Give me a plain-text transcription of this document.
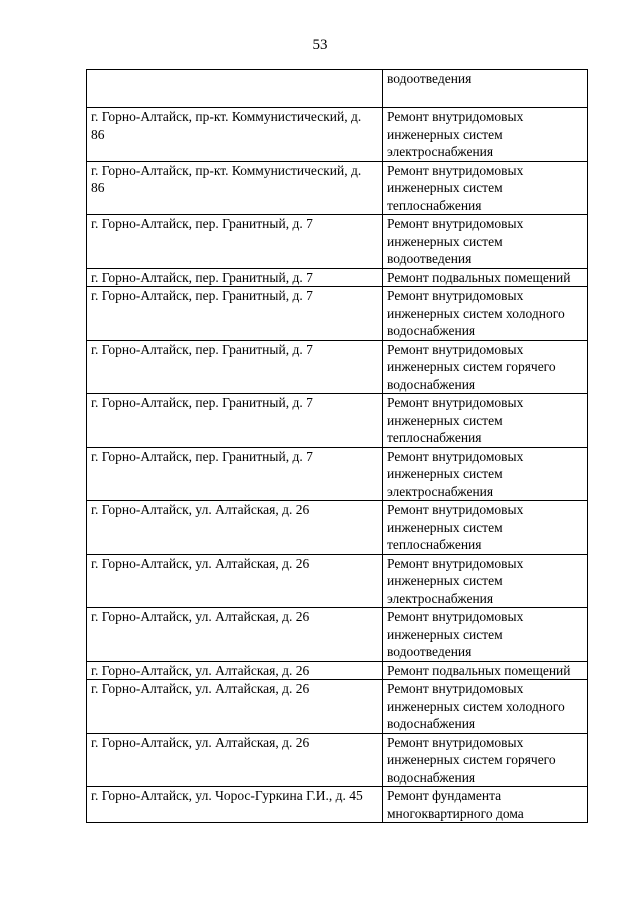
53
	водоотведения
г. Горно-Алтайск, пр-кт. Коммунистический, д. 86	Ремонт внутридомовых инженерных систем электроснабжения
г. Горно-Алтайск, пр-кт. Коммунистический, д. 86	Ремонт внутридомовых инженерных систем теплоснабжения
г. Горно-Алтайск, пер. Гранитный, д. 7	Ремонт внутридомовых инженерных систем водоотведения
г. Горно-Алтайск, пер. Гранитный, д. 7	Ремонт подвальных помещений
г. Горно-Алтайск, пер. Гранитный, д. 7	Ремонт внутридомовых инженерных систем холодного водоснабжения
г. Горно-Алтайск, пер. Гранитный, д. 7	Ремонт внутридомовых инженерных систем горячего водоснабжения
г. Горно-Алтайск, пер. Гранитный, д. 7	Ремонт внутридомовых инженерных систем теплоснабжения
г. Горно-Алтайск, пер. Гранитный, д. 7	Ремонт внутридомовых инженерных систем электроснабжения
г. Горно-Алтайск, ул. Алтайская, д. 26	Ремонт внутридомовых инженерных систем теплоснабжения
г. Горно-Алтайск, ул. Алтайская, д. 26	Ремонт внутридомовых инженерных систем электроснабжения
г. Горно-Алтайск, ул. Алтайская, д. 26	Ремонт внутридомовых инженерных систем водоотведения
г. Горно-Алтайск, ул. Алтайская, д. 26	Ремонт подвальных помещений
г. Горно-Алтайск, ул. Алтайская, д. 26	Ремонт внутридомовых инженерных систем холодного водоснабжения
г. Горно-Алтайск, ул. Алтайская, д. 26	Ремонт внутридомовых инженерных систем горячего водоснабжения
г. Горно-Алтайск, ул. Чорос-Гуркина Г.И., д. 45	Ремонт фундамента многоквартирного дома
